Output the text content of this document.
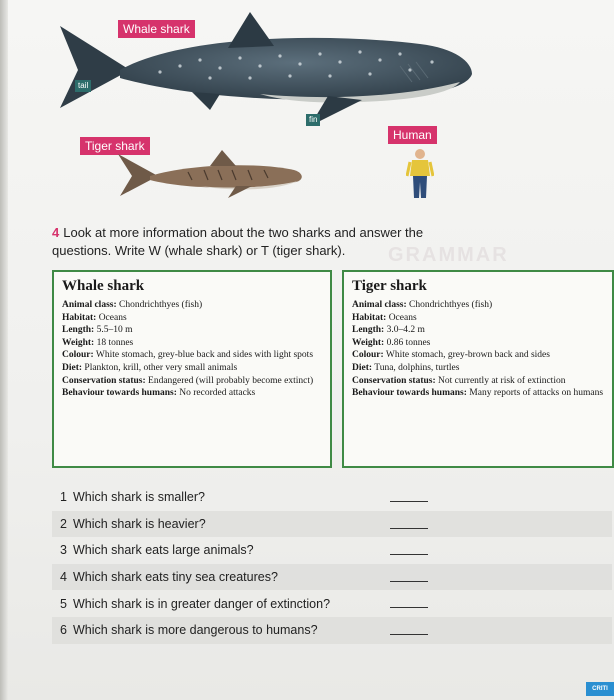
Whale shark
tail
fin
Human
Tiger shark
GRAMMAR
4 Look at more information about the two sharks and answer the questions. Write W (whale shark) or T (tiger shark).
Whale shark
Animal class: Chondrichthyes (fish)
Habitat: Oceans
Length: 5.5–10 m
Weight: 18 tonnes
Colour: White stomach, grey-blue back and sides with light spots
Diet: Plankton, krill, other very small animals
Conservation status: Endangered (will probably become extinct)
Behaviour towards humans: No recorded attacks
Tiger shark
Animal class: Chondrichthyes (fish)
Habitat: Oceans
Length: 3.0–4.2 m
Weight: 0.86 tonnes
Colour: White stomach, grey-brown back and sides
Diet: Tuna, dolphins, turtles
Conservation status: Not currently at risk of extinction
Behaviour towards humans: Many reports of attacks on humans
1 Which shark is smaller?
2 Which shark is heavier?
3 Which shark eats large animals?
4 Which shark eats tiny sea creatures?
5 Which shark is in greater danger of extinction?
6 Which shark is more dangerous to humans?
CRITI
